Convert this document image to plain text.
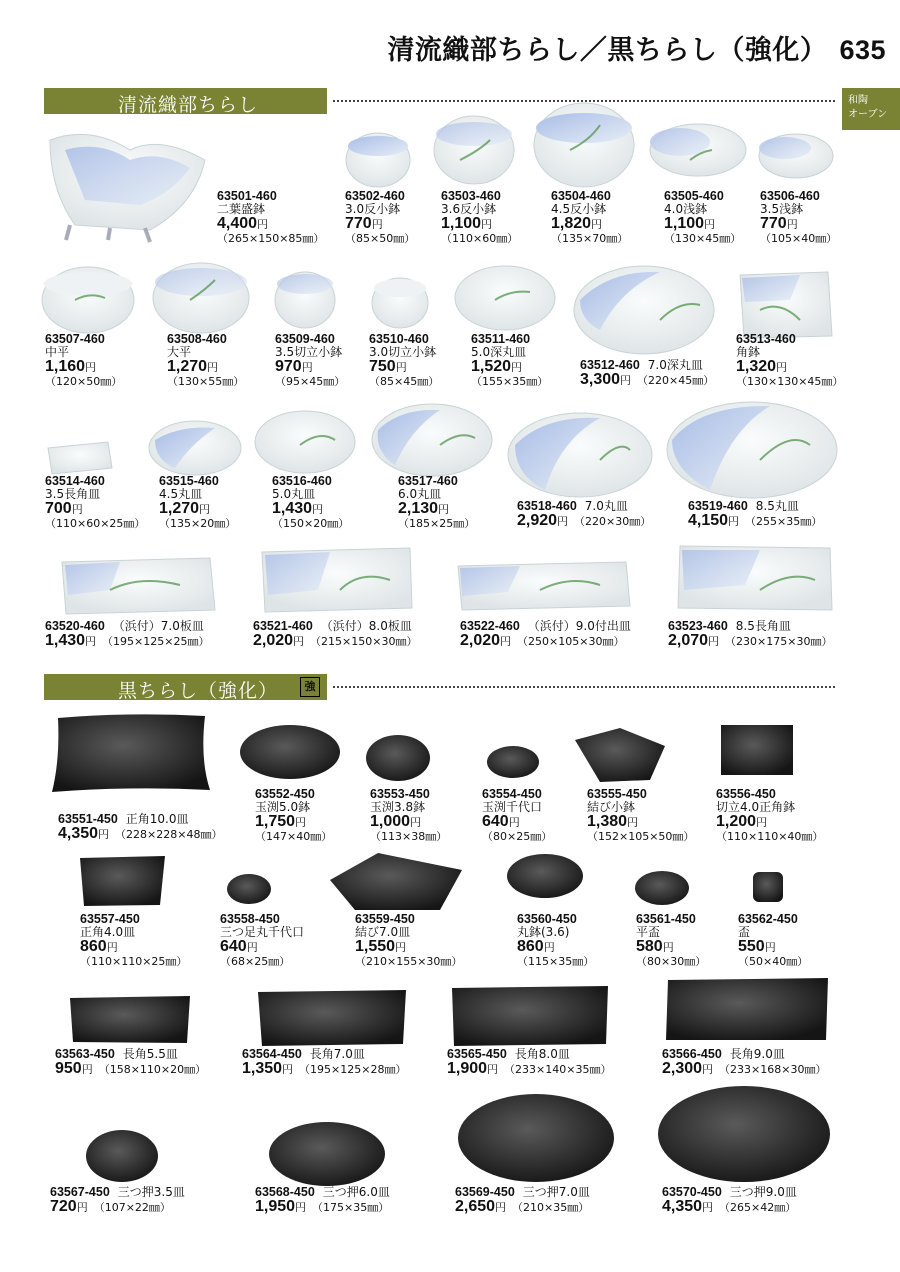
清流織部ちらし／黒ちらし（強化） 635
清流織部ちらし	和陶
オーブン
黒ちらし（強化）	強
63501-460
二葉盛鉢
4,400円
（265×150×85㎜）
63502-460
3.0反小鉢
770円
（85×50㎜）
63503-460
3.6反小鉢
1,100円
（110×60㎜）
63504-460
4.5反小鉢
1,820円
（135×70㎜）
63505-460
4.0浅鉢
1,100円
（130×45㎜）
63506-460
3.5浅鉢
770円
（105×40㎜）
63507-460
中平
1,160円
（120×50㎜）
63508-460
大平
1,270円
（130×55㎜）
63509-460
3.5切立小鉢
970円
（95×45㎜）
63510-460
3.0切立小鉢
750円
（85×45㎜）
63511-460
5.0深丸皿
1,520円
（155×35㎜）
63512-460 7.0深丸皿
3,300円 （220×45㎜）
63513-460
角鉢
1,320円
（130×130×45㎜）
63514-460
3.5長角皿
700円
（110×60×25㎜）
63515-460
4.5丸皿
1,270円
（135×20㎜）
63516-460
5.0丸皿
1,430円
（150×20㎜）
63517-460
6.0丸皿
2,130円
（185×25㎜）
63518-460 7.0丸皿
2,920円 （220×30㎜）
63519-460 8.5丸皿
4,150円 （255×35㎜）
63520-460 （浜付）7.0板皿
1,430円 （195×125×25㎜）
63521-460 （浜付）8.0板皿
2,020円 （215×150×30㎜）
63522-460 （浜付）9.0付出皿
2,020円 （250×105×30㎜）
63523-460 8.5長角皿
2,070円 （230×175×30㎜）
63551-450 正角10.0皿
4,350円 （228×228×48㎜）
63552-450
玉渕5.0鉢
1,750円
（147×40㎜）
63553-450
玉渕3.8鉢
1,000円
（113×38㎜）
63554-450
玉渕千代口
640円
（80×25㎜）
63555-450
結び小鉢
1,380円
（152×105×50㎜）
63556-450
切立4.0正角鉢
1,200円
（110×110×40㎜）
63557-450
正角4.0皿
860円
（110×110×25㎜）
63558-450
三つ足丸千代口
640円
（68×25㎜）
63559-450
結び7.0皿
1,550円
（210×155×30㎜）
63560-450
丸鉢(3.6)
860円
（115×35㎜）
63561-450
平盃
580円
（80×30㎜）
63562-450
盃
550円
（50×40㎜）
63563-450 長角5.5皿
950円 （158×110×20㎜）
63564-450 長角7.0皿
1,350円 （195×125×28㎜）
63565-450 長角8.0皿
1,900円 （233×140×35㎜）
63566-450 長角9.0皿
2,300円 （233×168×30㎜）
63567-450 三つ押3.5皿
720円 （107×22㎜）
63568-450 三つ押6.0皿
1,950円 （175×35㎜）
63569-450 三つ押7.0皿
2,650円 （210×35㎜）
63570-450 三つ押9.0皿
4,350円 （265×42㎜）
